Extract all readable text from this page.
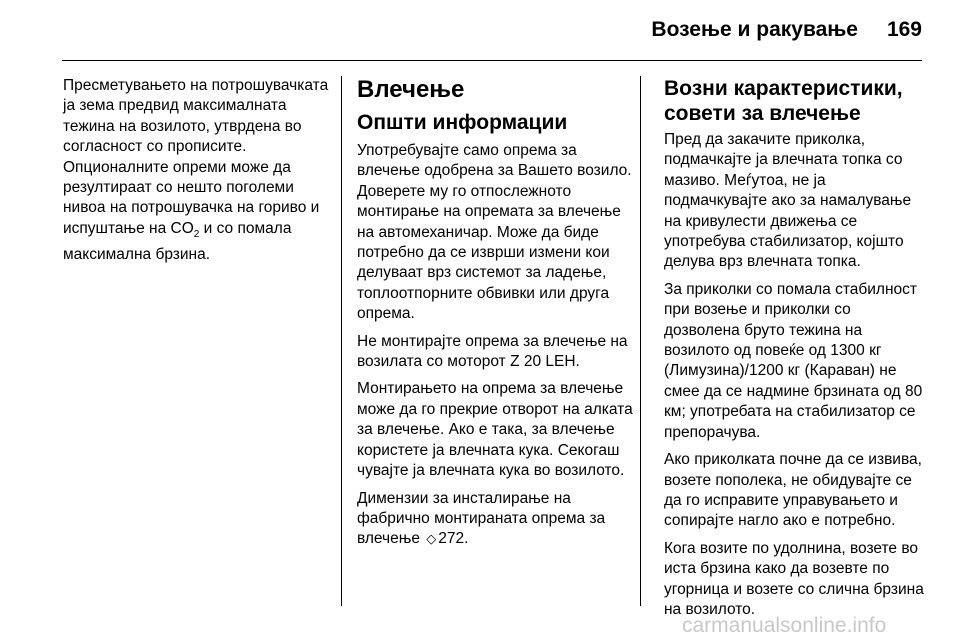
Возење и ракување 169

Пресметувањето на потрошувачката ја зема предвид максималната тежина на возилото, утврдена во согласност со прописите. Опционалните опреми може да резултираат со нешто поголеми нивоа на потрошувачка на гориво и испуштање на $CO_2$ и со помала максимална брзина.

Влечење
Општи информации

Употребувајте само опрема за влечење одобрена за Вашето возило. Доверете му го отпослежното монтирање на опремата за влечење на автомеханичар. Може да биде потребно да се изврши измени кои делуваат врз системот за ладење, топлоотпорните обвивки или друга опрема.

Не монтирајте опрема за влечење на возилата со моторот Z 20 LEH.

Монтирањето на опрема за влечење може да го прекрие отворот на алката за влечење. Ако е така, за влечење користете ја влечната кука. Секогаш чувајте ја влечната кука во возилото.

Димензии за инсталирање на фабрично монтираната опрема за влечење ◇ 272.

Возни карактеристики, совети за влечење

Пред да закачите приколка, подмачкајте ја влечната топка со мазиво. Меѓутоа, не ја подмачкувајте ако за намалување на кривулести движења се употребува стабилизатор, којшто делува врз влечната топка.

За приколки со помала стабилност при возење и приколки со дозволена бруто тежина на возилото од повеќе од 1300 кг (Лимузина)/1200 кг (Караван) не смее да се надмине брзината од 80 км; употребата на стабилизатор се препорачува.

Ако приколката почне да се извива, возете пополека, не обидувајте се да го исправите управувањето и сопирајте нагло ако е потребно.

Кога возите по удолнина, возете во иста брзина како да возевте по угорница и возете со слична брзина на возилото.

carmanualsonline.info
